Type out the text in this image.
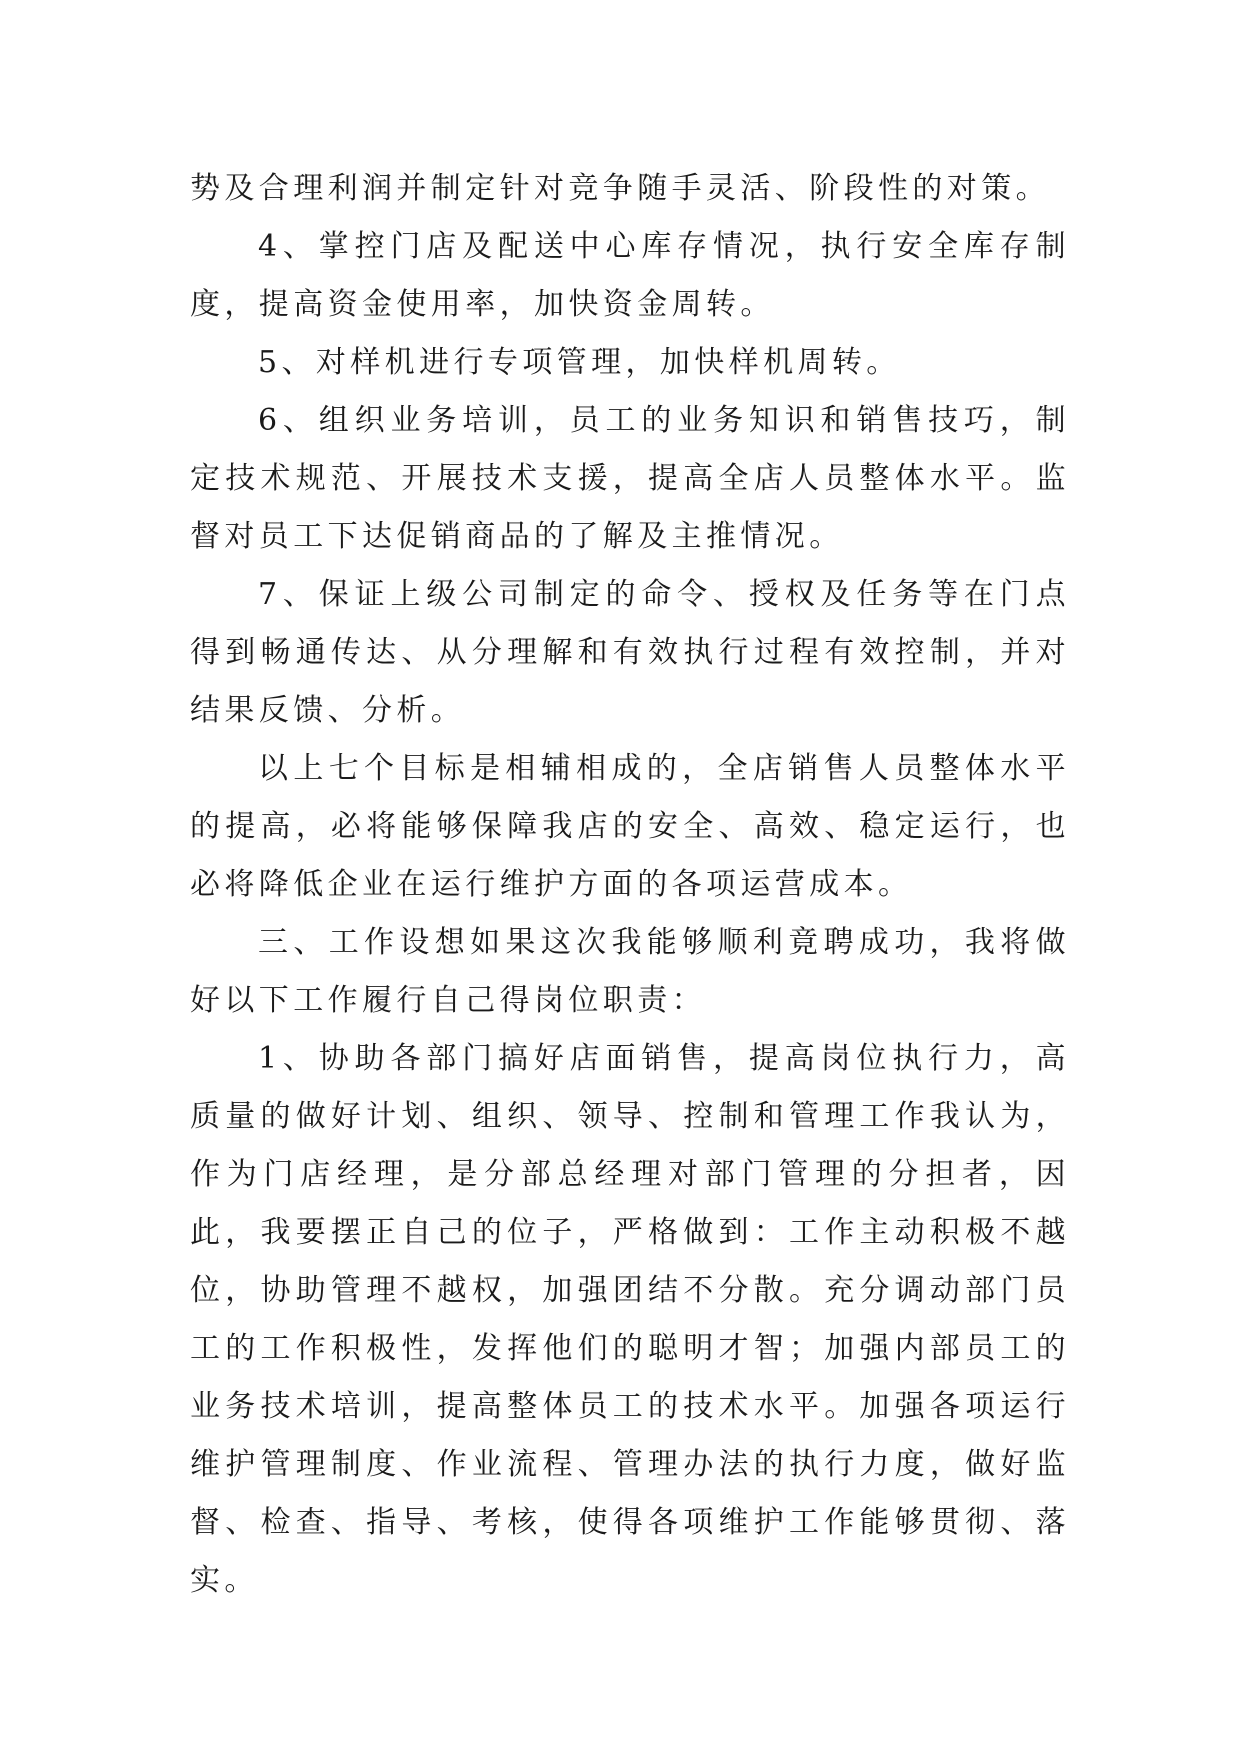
势及合理利润并制定针对竞争随手灵活、阶段性的对策。

4、掌控门店及配送中心库存情况，执行安全库存制度，提高资金使用率，加快资金周转。

5、对样机进行专项管理，加快样机周转。

6、组织业务培训，员工的业务知识和销售技巧，制定技术规范、开展技术支援，提高全店人员整体水平。监督对员工下达促销商品的了解及主推情况。

7、保证上级公司制定的命令、授权及任务等在门点得到畅通传达、从分理解和有效执行过程有效控制，并对结果反馈、分析。

以上七个目标是相辅相成的，全店销售人员整体水平的提高，必将能够保障我店的安全、高效、稳定运行，也必将降低企业在运行维护方面的各项运营成本。

三、工作设想如果这次我能够顺利竟聘成功，我将做好以下工作履行自己得岗位职责：

1、协助各部门搞好店面销售，提高岗位执行力，高质量的做好计划、组织、领导、控制和管理工作我认为，作为门店经理，是分部总经理对部门管理的分担者，因此，我要摆正自己的位子，严格做到：工作主动积极不越位，协助管理不越权，加强团结不分散。充分调动部门员工的工作积极性，发挥他们的聪明才智；加强内部员工的业务技术培训，提高整体员工的技术水平。加强各项运行维护管理制度、作业流程、管理办法的执行力度，做好监督、检查、指导、考核，使得各项维护工作能够贯彻、落实。
